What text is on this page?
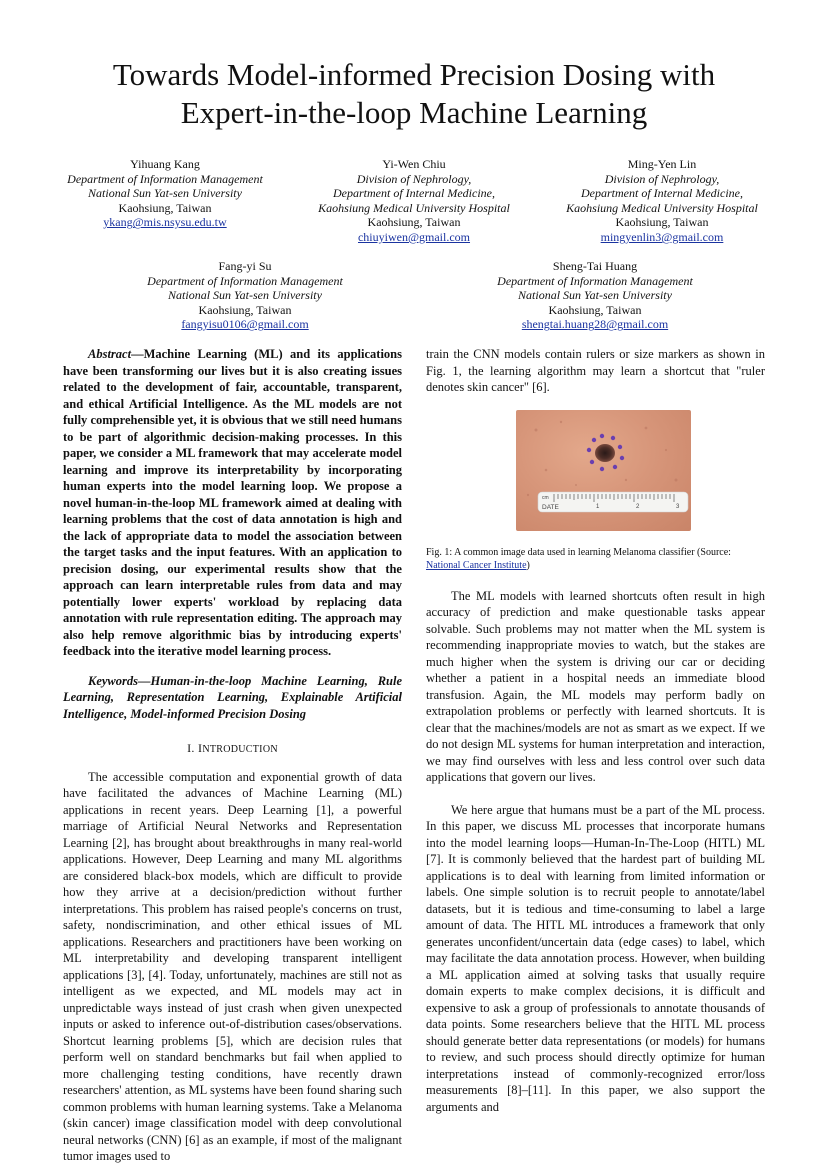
Towards Model-informed Precision Dosing with
Expert-in-the-loop Machine Learning
Yihuang Kang
Department of Information Management
National Sun Yat-sen University
Kaohsiung, Taiwan
ykang@mis.nsysu.edu.tw
Yi-Wen Chiu
Division of Nephrology,
Department of Internal Medicine,
Kaohsiung Medical University Hospital
Kaohsiung, Taiwan
chiuyiwen@gmail.com
Ming-Yen Lin
Division of Nephrology,
Department of Internal Medicine,
Kaohsiung Medical University Hospital
Kaohsiung, Taiwan
mingyenlin3@gmail.com
Fang-yi Su
Department of Information Management
National Sun Yat-sen University
Kaohsiung, Taiwan
fangyisu0106@gmail.com
Sheng-Tai Huang
Department of Information Management
National Sun Yat-sen University
Kaohsiung, Taiwan
shengtai.huang28@gmail.com

Abstract—Machine Learning (ML) and its applications have been transforming our lives but it is also creating issues related to the development of fair, accountable, transparent, and ethical Artificial Intelligence. As the ML models are not fully comprehensible yet, it is obvious that we still need humans to be part of algorithmic decision-making processes. In this paper, we consider a ML framework that may accelerate model learning and improve its interpretability by incorporating human experts into the model learning loop. We propose a novel human-in-the-loop ML framework aimed at dealing with learning problems that the cost of data annotation is high and the lack of appropriate data to model the association between the target tasks and the input features. With an application to precision dosing, our experimental results show that the approach can learn interpretable rules from data and may potentially lower experts' workload by replacing data annotation with rule representation editing. The approach may also help remove algorithmic bias by introducing experts' feedback into the iterative model learning process.

Keywords—Human-in-the-loop Machine Learning, Rule Learning, Representation Learning, Explainable Artificial Intelligence, Model-informed Precision Dosing

I. INTRODUCTION

The accessible computation and exponential growth of data have facilitated the advances of Machine Learning (ML) applications in recent years. Deep Learning [1], a powerful marriage of Artificial Neural Networks and Representation Learning [2], has brought about breakthroughs in many real-world applications. However, Deep Learning and many ML algorithms are considered black-box models, which are difficult to provide how they arrive at a decision/prediction without further interpretations. This problem has raised people's concerns on trust, safety, nondiscrimination, and other ethical issues of ML applications. Researchers and practitioners have been working on ML interpretability and developing transparent intelligent applications [3], [4]. Today, unfortunately, machines are still not as intelligent as we expected, and ML models may act in unpredictable ways instead of just crash when given unexpected inputs or asked to inference out-of-distribution cases/observations. Shortcut learning problems [5], which are decision rules that perform well on standard benchmarks but fail when applied to more challenging testing conditions, have recently drawn researchers' attention, as ML systems have been found sharing such common problems with human learning systems. Take a Melanoma (skin cancer) image classification model with deep convolutional neural networks (CNN) [6] as an example, if most of the malignant tumor images used to

train the CNN models contain rulers or size markers as shown in Fig. 1, the learning algorithm may learn a shortcut that "ruler denotes skin cancer" [6].

cm
1	2	3
DATE

Fig. 1: A common image data used in learning Melanoma classifier (Source: National Cancer Institute)

The ML models with learned shortcuts often result in high accuracy of prediction and make questionable tasks appear solvable. Such problems may not matter when the ML system is recommending inappropriate movies to watch, but the stakes are much higher when the system is driving our car or deciding whether a patient in a hospital needs an immediate blood transfusion. Again, the ML models may perform badly on extrapolation problems or perfectly with learned shortcuts. It is clear that the machines/models are not as smart as we expect. If we do not design ML systems for human interpretation and interaction, we may find ourselves with less and less control over such data applications that govern our lives.

We here argue that humans must be a part of the ML process. In this paper, we discuss ML processes that incorporate humans into the model learning loops—Human-In-The-Loop (HITL) ML [7]. It is commonly believed that the hardest part of building ML applications is to deal with learning from limited information or labels. One simple solution is to recruit people to annotate/label datasets, but it is tedious and time-consuming to label a large amount of data. The HITL ML introduces a framework that only generates unconfident/uncertain data (edge cases) to label, which may facilitate the data annotation process. However, when building a ML application aimed at solving tasks that usually require domain experts to make complex decisions, it is difficult and expensive to ask a group of professionals to annotate thousands of data points. Some researchers believe that the HITL ML process should generate better data representations (or models) for humans to review, and such process should directly optimize for human interpretations instead of commonly-recognized error/loss measurements [8]–[11]. In this paper, we also support the arguments and
